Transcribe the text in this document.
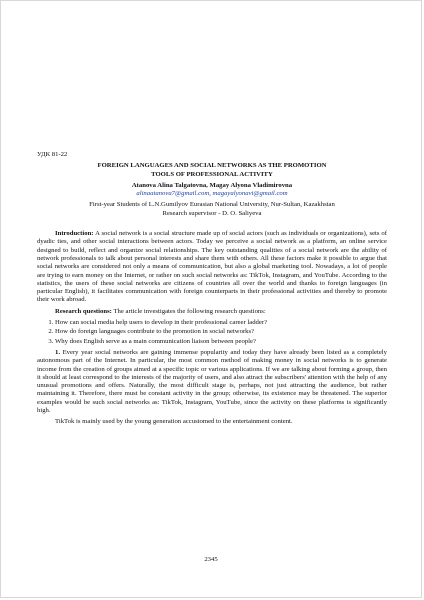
УДК 81-22
FOREIGN LANGUAGES AND SOCIAL NETWORKS AS THE PROMOTION
TOOLS OF PROFESSIONAL ACTIVITY
Atanova Alina Talgatovna, Magay Alyona Vladimirovna
alinaatanova7@gmail.com, magayalyonavi@gmail.com
First-year Students of L.N.Gumilyov Eurasian National University, Nur-Sultan, Kazakhstan
Research supervisor - D. O. Saliyeva

Introduction: A social network is a social structure made up of social actors (such as individuals or organizations), sets of dyadic ties, and other social interactions between actors. Today we perceive a social network as a platform, an online service designed to build, reflect and organize social relationships. The key outstanding qualities of a social network are the ability of network professionals to talk about personal interests and share them with others. All these factors make it possible to argue that social networks are considered not only a means of communication, but also a global marketing tool. Nowadays, a lot of people are trying to earn money on the Internet, or rather on such social networks as: TikTok, Instagram, and YouTube. According to the statistics, the users of these social networks are citizens of countries all over the world and thanks to foreign languages (in particular English), it facilitates communication with foreign counterparts in their professional activities and thereby to promote their work abroad.

Research questions: The article investigates the following research questions:

1. How can social media help users to develop in their professional career ladder?
2. How do foreign languages contribute to the promotion in social networks?
3. Why does English serve as a main communication liaison between people?

1. Every year social networks are gaining immense popularity and today they have already been listed as a completely autonomous part of the Internet. In particular, the most common method of making money in social networks is to generate income from the creation of groups aimed at a specific topic or various applications. If we are talking about forming a group, then it should at least correspond to the interests of the majority of users, and also attract the subscribers' attention with the help of any unusual promotions and offers. Naturally, the most difficult stage is, perhaps, not just attracting the audience, but rather maintaining it. Therefore, there must be constant activity in the group; otherwise, its existence may be threatened. The superior examples would be such social networks as: TikTok, Instagram, YouTube, since the activity on these platforms is significantly high.

TikTok is mainly used by the young generation accustomed to the entertainment content.

2345
